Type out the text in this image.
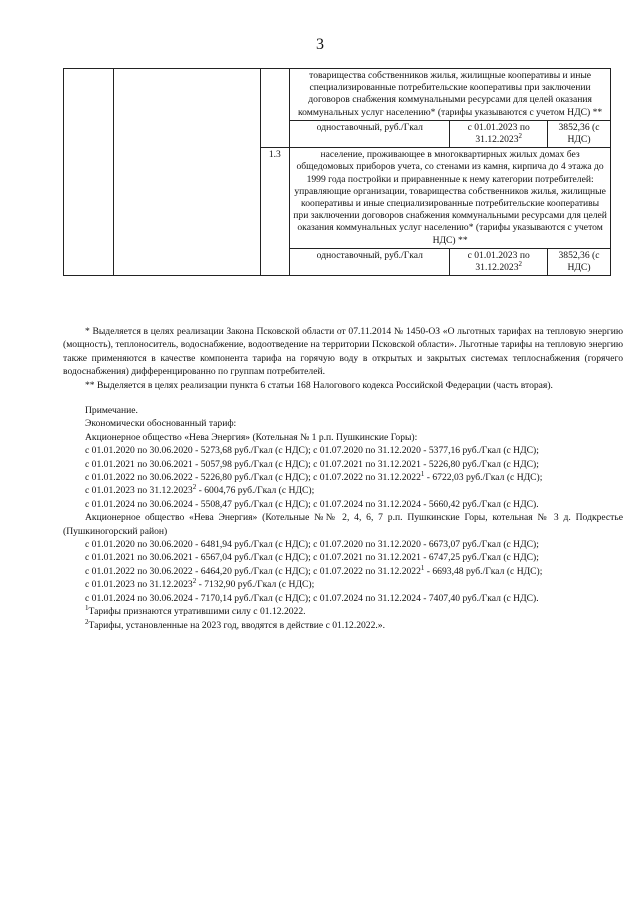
3
			товарищества собственников жилья, жилищные кооперативы и иные специализированные потребительские кооперативы при заключении договоров снабжения коммунальными ресурсами для целей оказания коммунальных услуг населению* (тарифы указываются с учетом НДС) **		
			одноставочный, руб./Гкал	с 01.01.2023 по 31.12.2023$^2$	3852,36 (с НДС)
		1.3	население, проживающее в многоквартирных жилых домах без общедомовых приборов учета, со стенами из камня, кирпича до 4 этажа до 1999 года постройки и приравненные к нему категории потребителей: управляющие организации, товарищества собственников жилья, жилищные кооперативы и иные специализированные потребительские кооперативы при заключении договоров снабжения коммунальными ресурсами для целей оказания коммунальных услуг населению* (тарифы указываются с учетом НДС) **		
			одноставочный, руб./Гкал	с 01.01.2023 по 31.12.2023$^2$	3852,36 (с НДС)

* Выделяется в целях реализации Закона Псковской области от 07.11.2014 № 1450-ОЗ «О льготных тарифах на тепловую энергию (мощность), теплоноситель, водоснабжение, водоотведение на территории Псковской области». Льготные тарифы на тепловую энергию также применяются в качестве компонента тарифа на горячую воду в открытых и закрытых системах теплоснабжения (горячего водоснабжения) дифференцированно по группам потребителей.

** Выделяется в целях реализации пункта 6 статьи 168 Налогового кодекса Российской Федерации (часть вторая).

Примечание.

Экономически обоснованный тариф:

Акционерное общество «Нева Энергия» (Котельная № 1 р.п. Пушкинские Горы):

с 01.01.2020 по 30.06.2020 - 5273,68 руб./Гкал (с НДС); с 01.07.2020 по 31.12.2020 - 5377,16 руб./Гкал (с НДС);

с 01.01.2021 по 30.06.2021 - 5057,98 руб./Гкал (с НДС); с 01.07.2021 по 31.12.2021 - 5226,80 руб./Гкал (с НДС);

с 01.01.2022 по 30.06.2022 - 5226,80 руб./Гкал (с НДС); с 01.07.2022 по 31.12.2022$^1$ - 6722,03 руб./Гкал (с НДС);

с 01.01.2023 по 31.12.2023$^2$ - 6004,76 руб./Гкал (с НДС);

с 01.01.2024 по 30.06.2024 - 5508,47 руб./Гкал (с НДС); с 01.07.2024 по 31.12.2024 - 5660,42 руб./Гкал (с НДС).

Акционерное общество «Нева Энергия» (Котельные №№ 2, 4, 6, 7 р.п. Пушкинские Горы, котельная № 3 д. Подкрестье (Пушкиногорский район)

с 01.01.2020 по 30.06.2020 - 6481,94 руб./Гкал (с НДС); с 01.07.2020 по 31.12.2020 - 6673,07 руб./Гкал (с НДС);

с 01.01.2021 по 30.06.2021 - 6567,04 руб./Гкал (с НДС); с 01.07.2021 по 31.12.2021 - 6747,25 руб./Гкал (с НДС);

с 01.01.2022 по 30.06.2022 - 6464,20 руб./Гкал (с НДС); с 01.07.2022 по 31.12.2022$^1$ - 6693,48 руб./Гкал (с НДС);

с 01.01.2023 по 31.12.2023$^2$ - 7132,90 руб./Гкал (с НДС);

с 01.01.2024 по 30.06.2024 - 7170,14 руб./Гкал (с НДС); с 01.07.2024 по 31.12.2024 - 7407,40 руб./Гкал (с НДС).

$^1$Тарифы признаются утратившими силу с 01.12.2022.

$^2$Тарифы, установленные на 2023 год, вводятся в действие с 01.12.2022.».
